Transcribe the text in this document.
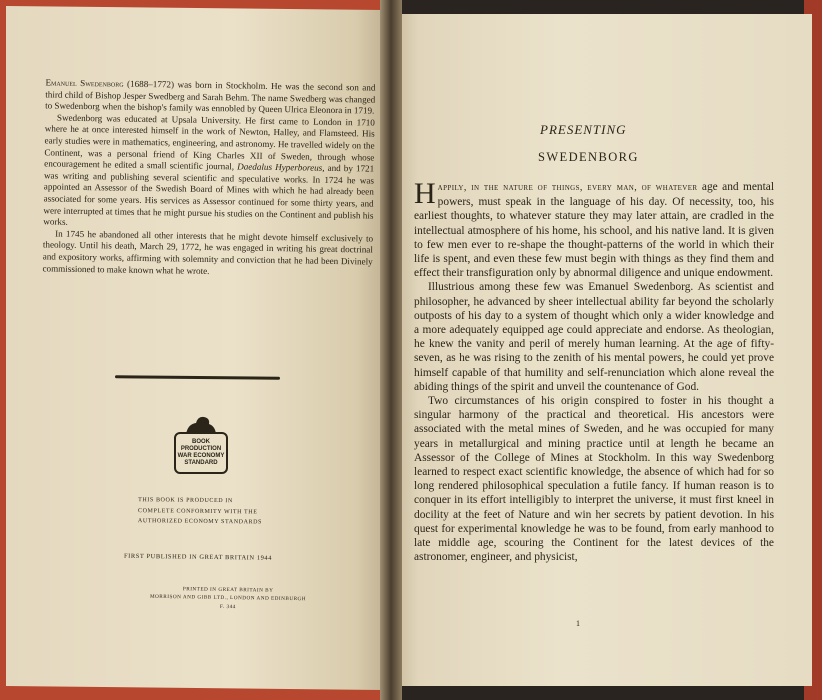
Emanuel Swedenborg (1688–1772) was born in Stockholm. He was the second son and third child of Bishop Jesper Swedberg and Sarah Behm. The name Swedberg was changed to Swedenborg when the bishop's family was ennobled by Queen Ulrica Eleonora in 1719.

Swedenborg was educated at Upsala University. He first came to London in 1710 where he at once interested himself in the work of Newton, Halley, and Flamsteed. His early studies were in mathematics, engineering, and astronomy. He travelled widely on the Continent, was a personal friend of King Charles XII of Sweden, through whose encouragement he edited a small scientific journal, Daedalus Hyperboreus, and by 1721 was writing and publishing several scientific and speculative works. In 1724 he was appointed an Assessor of the Swedish Board of Mines with which he had already been associated for some years. His services as Assessor continued for some thirty years, and were interrupted at times that he might pursue his studies on the Continent and publish his works.

In 1745 he abandoned all other interests that he might devote himself exclusively to theology. Until his death, March 29, 1772, he was engaged in writing his great doctrinal and expository works, affirming with solemnity and conviction that he had been Divinely commissioned to make known what he wrote.

BOOK
PRODUCTION
WAR ECONOMY
STANDARD

THIS BOOK IS PRODUCED IN

COMPLETE CONFORMITY WITH THE

AUTHORIZED ECONOMY STANDARDS

FIRST PUBLISHED IN GREAT BRITAIN 1944

PRINTED IN GREAT BRITAIN BY

MORRISON AND GIBB LTD., LONDON AND EDINBURGH

F. 344

PRESENTING
SWEDENBORG

Happily, in the nature of things, every man, of whatever age and mental powers, must speak in the language of his day. Of necessity, too, his earliest thoughts, to whatever stature they may later attain, are cradled in the intellectual atmosphere of his home, his school, and his native land. It is given to few men ever to re-shape the thought-patterns of the world in which their life is spent, and even these few must begin with things as they find them and effect their transfiguration only by abnormal diligence and unique endowment.

Illustrious among these few was Emanuel Swedenborg. As scientist and philosopher, he advanced by sheer intellectual ability far beyond the scholarly outposts of his day to a system of thought which only a wider knowledge and a more adequately equipped age could appreciate and endorse. As theologian, he knew the vanity and peril of merely human learning. At the age of fifty-seven, as he was rising to the zenith of his mental powers, he could yet prove himself capable of that humility and self-renunciation which alone reveal the abiding things of the spirit and unveil the countenance of God.

Two circumstances of his origin conspired to foster in his thought a singular harmony of the practical and theoretical. His ancestors were associated with the metal mines of Sweden, and he was occupied for many years in metallurgical and mining practice until at length he became an Assessor of the College of Mines at Stockholm. In this way Swedenborg learned to respect exact scientific knowledge, the absence of which had for so long rendered philosophical speculation a futile fancy. If human reason is to conquer in its effort intelligibly to interpret the universe, it must first kneel in docility at the feet of Nature and win her secrets by patient devotion. In his quest for experimental knowledge he was to be found, from early manhood to late middle age, scouring the Continent for the latest devices of the astronomer, engineer, and physicist,

1
